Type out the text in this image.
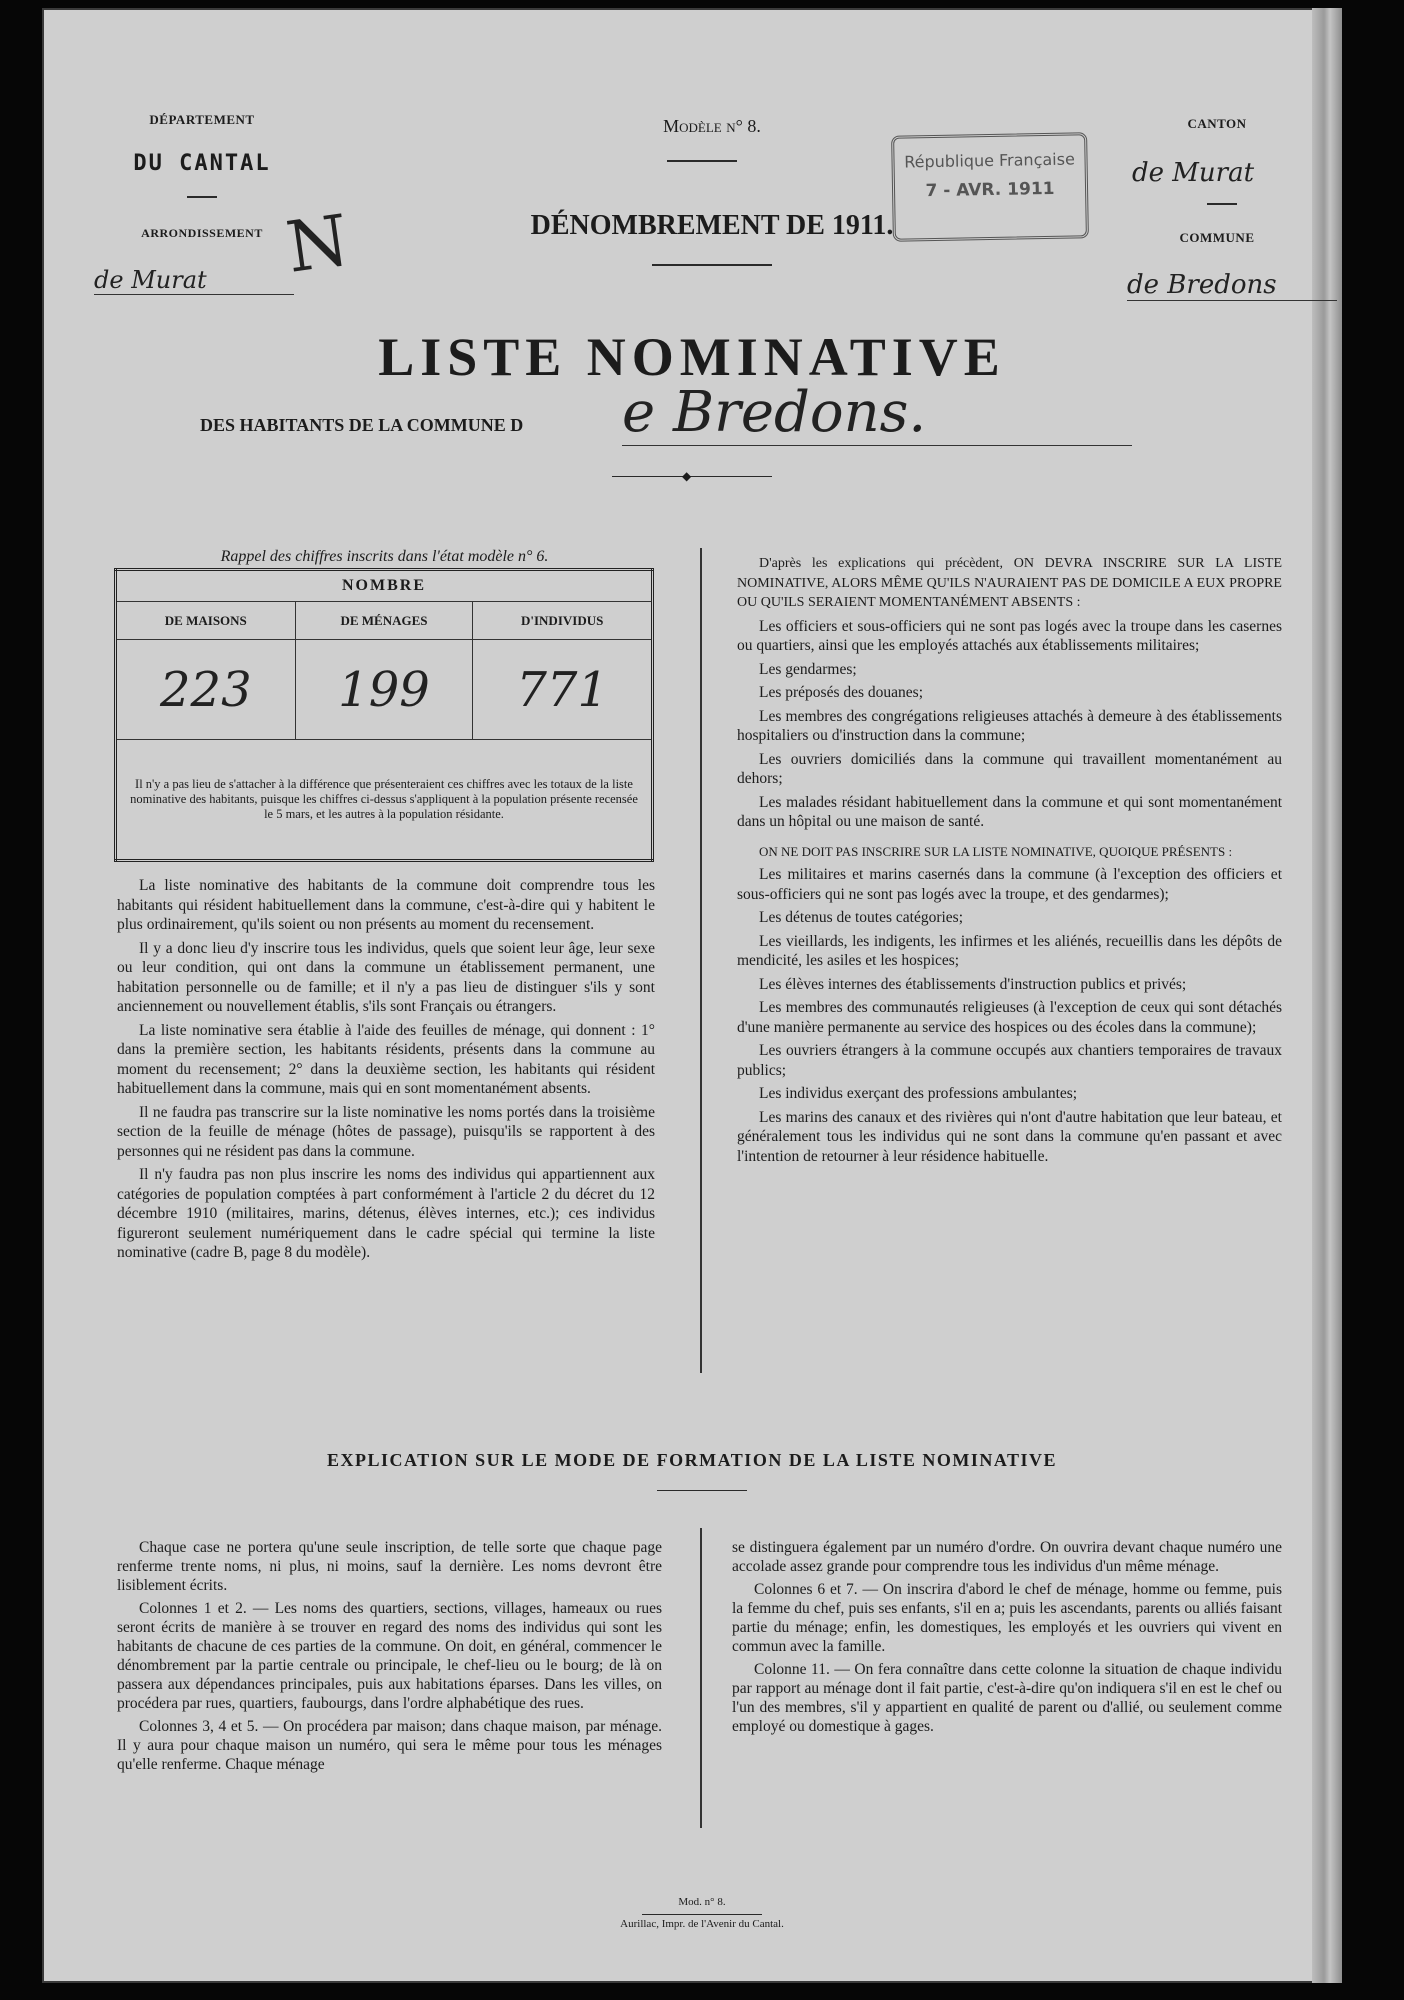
DÉPARTEMENT
DU CANTAL
ARRONDISSEMENT
de Murat	N
Modèle n° 8.
DÉNOMBREMENT DE 1911.
République Française
7 - AVR. 1911
CANTON
de Murat
COMMUNE
de Bredons
LISTE NOMINATIVE
DES HABITANTS DE LA COMMUNE D e Bredons.
◆
Rappel des chiffres inscrits dans l'état modèle n° 6.
NOMBRE		
DE MAISONS	DE MÉNAGES	D'INDIVIDUS
223	199	771
Il n'y a pas lieu de s'attacher à la différence que présenteraient ces chiffres avec les totaux de la liste nominative des habitants, puisque les chiffres ci-dessus s'appliquent à la population présente recensée le 5 mars, et les autres à la population résidante.		

La liste nominative des habitants de la commune doit comprendre tous les habitants qui résident habituellement dans la commune, c'est-à-dire qui y habitent le plus ordinairement, qu'ils soient ou non présents au moment du recensement.

Il y a donc lieu d'y inscrire tous les individus, quels que soient leur âge, leur sexe ou leur condition, qui ont dans la commune un établissement permanent, une habitation personnelle ou de famille; et il n'y a pas lieu de distinguer s'ils y sont anciennement ou nouvellement établis, s'ils sont Français ou étrangers.

La liste nominative sera établie à l'aide des feuilles de ménage, qui donnent : 1° dans la première section, les habitants résidents, présents dans la commune au moment du recensement; 2° dans la deuxième section, les habitants qui résident habituellement dans la commune, mais qui en sont momentanément absents.

Il ne faudra pas transcrire sur la liste nominative les noms portés dans la troisième section de la feuille de ménage (hôtes de passage), puisqu'ils se rapportent à des personnes qui ne résident pas dans la commune.

Il n'y faudra pas non plus inscrire les noms des individus qui appartiennent aux catégories de population comptées à part conformément à l'article 2 du décret du 12 décembre 1910 (militaires, marins, détenus, élèves internes, etc.); ces individus figureront seulement numériquement dans le cadre spécial qui termine la liste nominative (cadre B, page 8 du modèle).

D'après les explications qui précèdent, ON DEVRA INSCRIRE SUR LA LISTE NOMINATIVE, ALORS MÊME QU'ILS N'AURAIENT PAS DE DOMICILE A EUX PROPRE OU QU'ILS SERAIENT MOMENTANÉMENT ABSENTS :

Les officiers et sous-officiers qui ne sont pas logés avec la troupe dans les casernes ou quartiers, ainsi que les employés attachés aux établissements militaires;

Les gendarmes;

Les préposés des douanes;

Les membres des congrégations religieuses attachés à demeure à des établissements hospitaliers ou d'instruction dans la commune;

Les ouvriers domiciliés dans la commune qui travaillent momentanément au dehors;

Les malades résidant habituellement dans la commune et qui sont momentanément dans un hôpital ou une maison de santé.

ON NE DOIT PAS INSCRIRE SUR LA LISTE NOMINATIVE, QUOIQUE PRÉSENTS :

Les militaires et marins casernés dans la commune (à l'exception des officiers et sous-officiers qui ne sont pas logés avec la troupe, et des gendarmes);

Les détenus de toutes catégories;

Les vieillards, les indigents, les infirmes et les aliénés, recueillis dans les dépôts de mendicité, les asiles et les hospices;

Les élèves internes des établissements d'instruction publics et privés;

Les membres des communautés religieuses (à l'exception de ceux qui sont détachés d'une manière permanente au service des hospices ou des écoles dans la commune);

Les ouvriers étrangers à la commune occupés aux chantiers temporaires de travaux publics;

Les individus exerçant des professions ambulantes;

Les marins des canaux et des rivières qui n'ont d'autre habitation que leur bateau, et généralement tous les individus qui ne sont dans la commune qu'en passant et avec l'intention de retourner à leur résidence habituelle.

EXPLICATION SUR LE MODE DE FORMATION DE LA LISTE NOMINATIVE

Chaque case ne portera qu'une seule inscription, de telle sorte que chaque page renferme trente noms, ni plus, ni moins, sauf la dernière. Les noms devront être lisiblement écrits.

Colonnes 1 et 2. — Les noms des quartiers, sections, villages, hameaux ou rues seront écrits de manière à se trouver en regard des noms des individus qui sont les habitants de chacune de ces parties de la commune. On doit, en général, commencer le dénombrement par la partie centrale ou principale, le chef-lieu ou le bourg; de là on passera aux dépendances principales, puis aux habitations éparses. Dans les villes, on procédera par rues, quartiers, faubourgs, dans l'ordre alphabétique des rues.

Colonnes 3, 4 et 5. — On procédera par maison; dans chaque maison, par ménage. Il y aura pour chaque maison un numéro, qui sera le même pour tous les ménages qu'elle renferme. Chaque ménage

se distinguera également par un numéro d'ordre. On ouvrira devant chaque numéro une accolade assez grande pour comprendre tous les individus d'un même ménage.

Colonnes 6 et 7. — On inscrira d'abord le chef de ménage, homme ou femme, puis la femme du chef, puis ses enfants, s'il en a; puis les ascendants, parents ou alliés faisant partie du ménage; enfin, les domestiques, les employés et les ouvriers qui vivent en commun avec la famille.

Colonne 11. — On fera connaître dans cette colonne la situation de chaque individu par rapport au ménage dont il fait partie, c'est-à-dire qu'on indiquera s'il en est le chef ou l'un des membres, s'il y appartient en qualité de parent ou d'allié, ou seulement comme employé ou domestique à gages.

Mod. n° 8.
Aurillac, Impr. de l'Avenir du Cantal.
